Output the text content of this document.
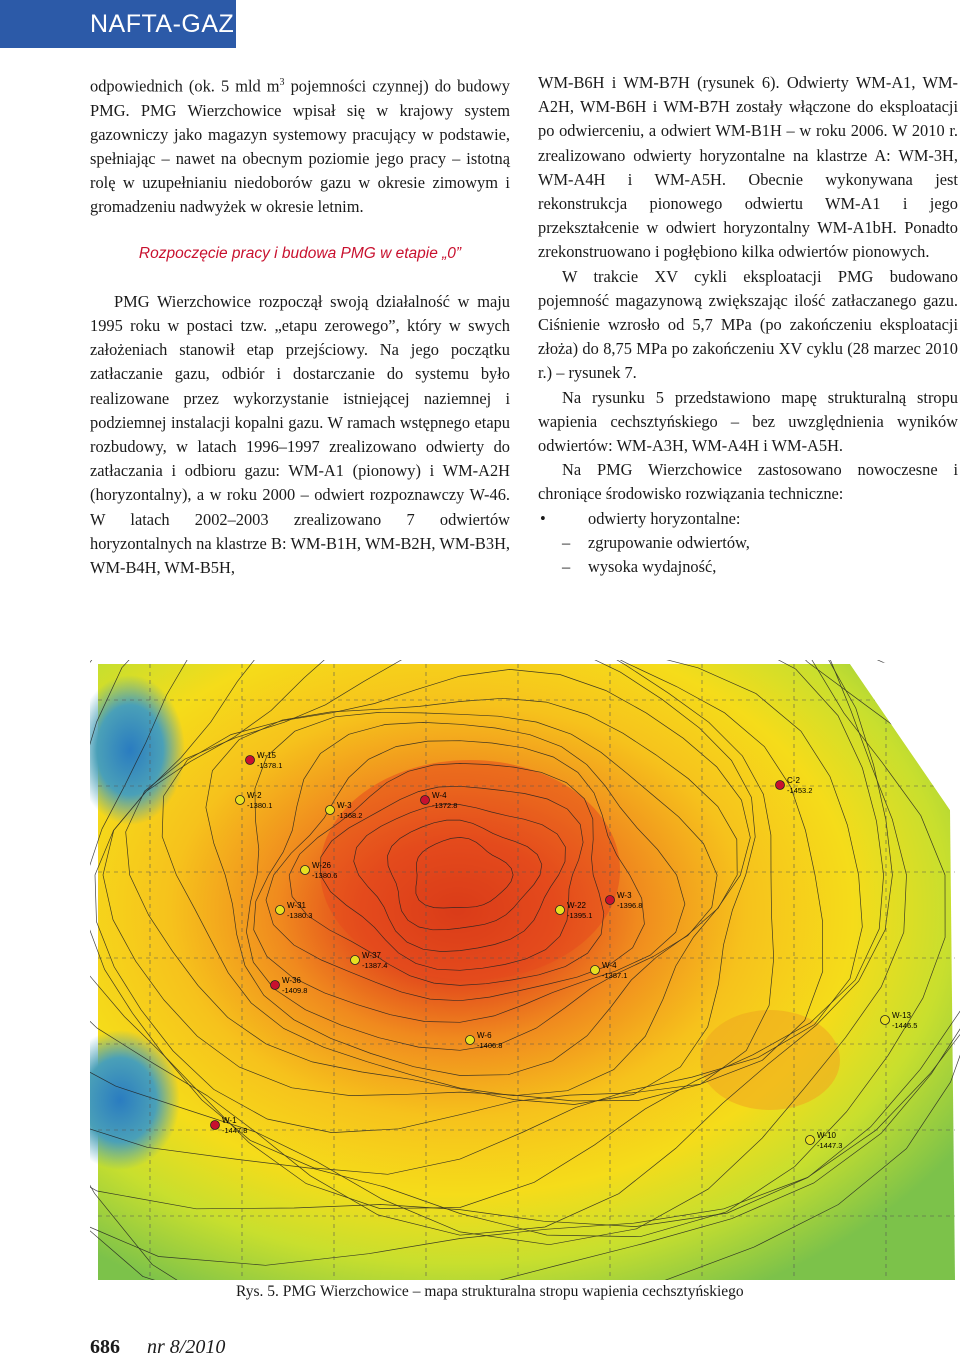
NAFTA-GAZ

odpowiednich (ok. 5 mld $m^3$ pojemności czynnej) do budowy PMG. PMG Wierzchowice wpisał się w krajowy system gazowniczy jako magazyn systemowy pracujący w podstawie, spełniając – nawet na obecnym poziomie jego pracy – istotną rolę w uzupełnianiu niedoborów gazu w okresie zimowym i gromadzeniu nadwyżek w okresie letnim.

Rozpoczęcie pracy i budowa PMG w etapie „0”

PMG Wierzchowice rozpoczął swoją działalność w maju 1995 roku w postaci tzw. „etapu zerowego”, który w swych założeniach stanowił etap przejściowy. Na jego początku zatłaczanie gazu, odbiór i dostarczanie do systemu było realizowane przez wykorzystanie istniejącej naziemnej i podziemnej instalacji kopalni gazu. W ramach wstępnego etapu rozbudowy, w latach 1996–1997 zrealizowano odwierty do zatłaczania i odbioru gazu: WM-A1 (pionowy) i WM-A2H (horyzontalny), a w roku 2000 – odwiert rozpoznawczy W-46. W latach 2002–2003 zrealizowano 7 odwiertów horyzontalnych na klastrze B: WM-B1H, WM-B2H, WM-B3H, WM-B4H, WM-B5H,

WM-B6H i WM-B7H (rysunek 6). Odwierty WM-A1, WM-A2H, WM-B6H i WM-B7H zostały włączone do eksploatacji po odwierceniu, a odwiert WM-B1H – w roku 2006. W 2010 r. zrealizowano odwierty horyzontalne na klastrze A: WM-3H, WM-A4H i WM-A5H. Obecnie wykonywana jest rekonstrukcja pionowego odwiertu WM-A1 i jego przekształcenie w odwiert horyzontalny WM-A1bH. Ponadto zrekonstruowano i pogłębiono kilka odwiertów pionowych.

W trakcie XV cykli eksploatacji PMG budowano pojemność magazynową zwiększając ilość zatłaczanego gazu. Ciśnienie wzrosło od 5,7 MPa (po zakończeniu eksploatacji złoża) do 8,75 MPa po zakończeniu XV cyklu (28 marzec 2010 r.) – rysunek 7.

Na rysunku 5 przedstawiono mapę strukturalną stropu wapienia cechsztyńskiego – bez uwzględnienia wyników odwiertów: WM-A3H, WM-A4H i WM-A5H.

Na PMG Wierzchowice zastosowano nowoczesne i chroniące środowisko rozwiązania techniczne:

• odwierty horyzontalne:
– zgrupowanie odwiertów,
– wysoka wydajność,
W-15
-1378.1
W-2
-1380.1	W-3
-1368.2
W-4
-1372.8
W-26
-1380.6
W-31
-1380.3
W-36
-1409.8
W-37
-1387.4
W-6
-1406.8
W-3
-1396.8
W-22
-1395.1
W-4
-1387.1
C-2
-1453.2
W-13
-1446.5
W-10
-1447.3
W-1
-1447.8
Rys. 5. PMG Wierzchowice – mapa strukturalna stropu wapienia cechsztyńskiego
686 nr 8/2010
